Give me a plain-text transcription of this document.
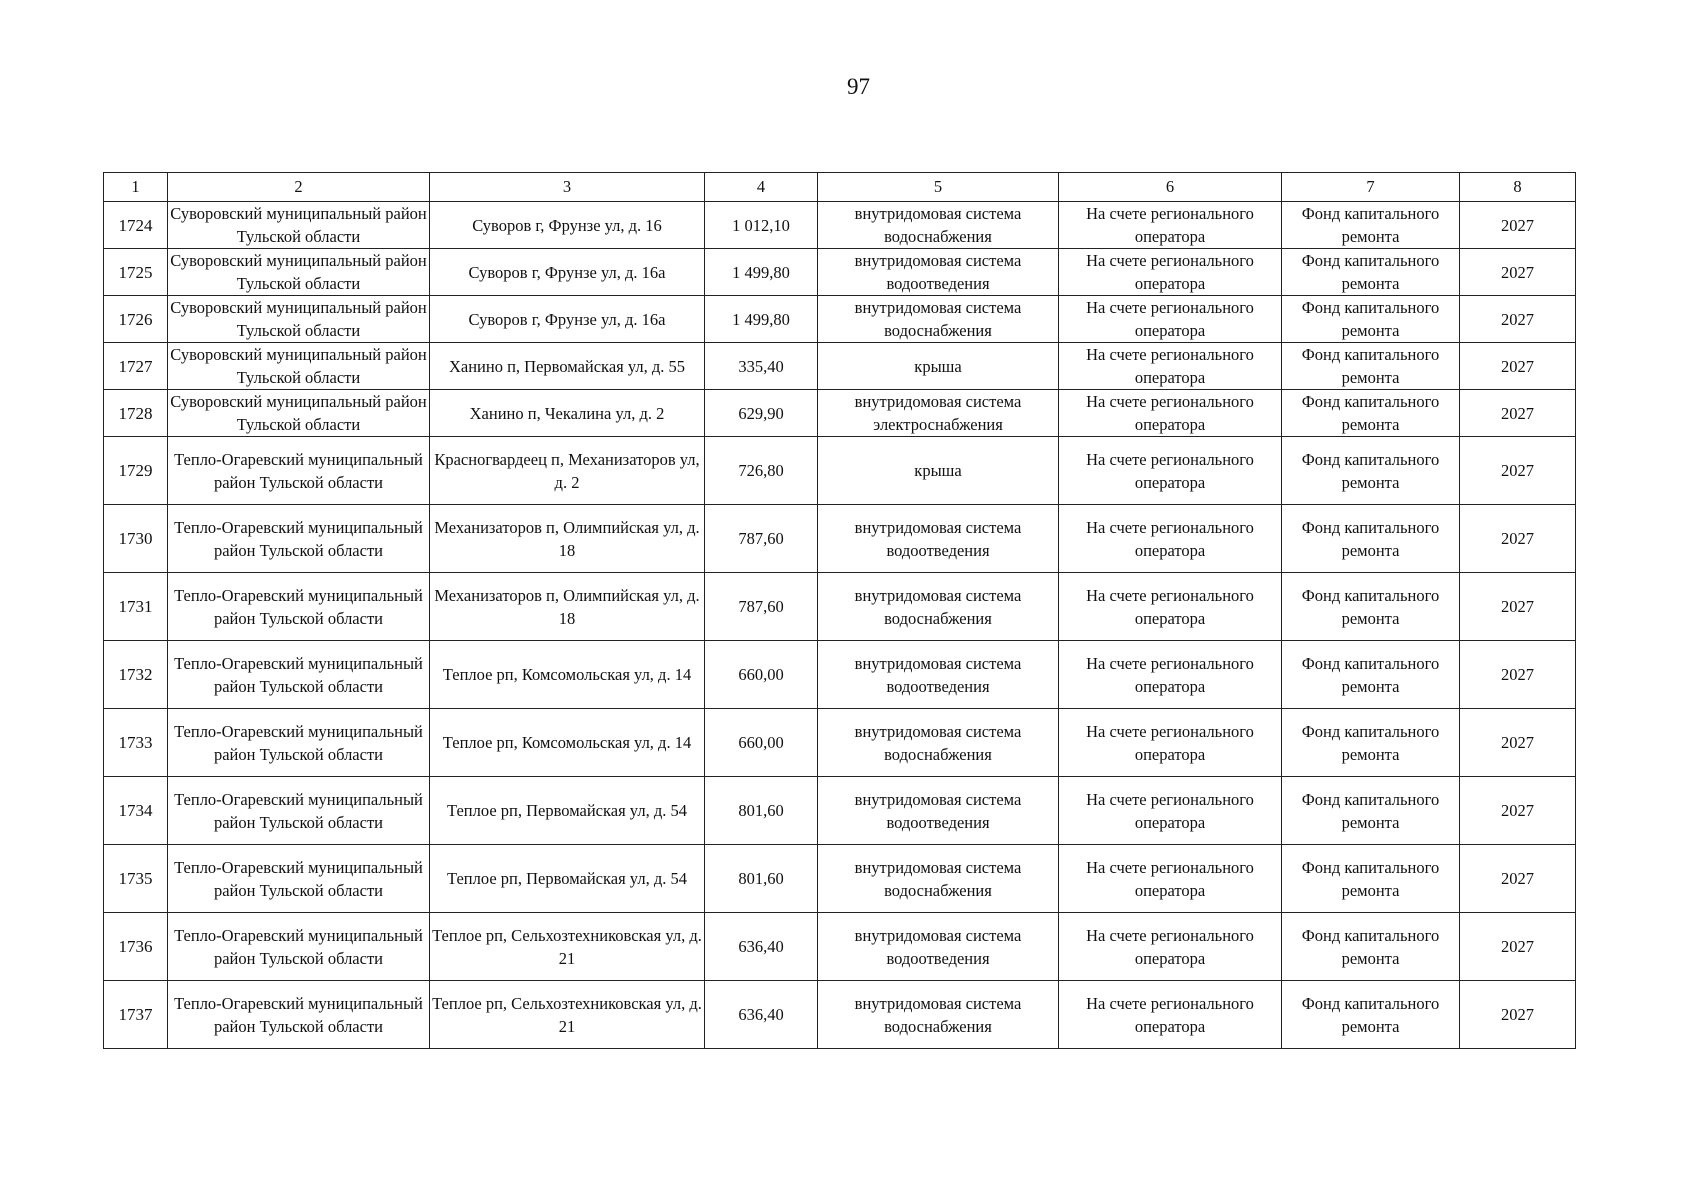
97
1	2	3	4	5	6	7	8
1724	Суворовский муниципальный район Тульской области	Суворов г, Фрунзе ул, д. 16	1 012,10	внутридомовая система водоснабжения	На счете регионального оператора	Фонд капитального ремонта	2027
1725	Суворовский муниципальный район Тульской области	Суворов г, Фрунзе ул, д. 16а	1 499,80	внутридомовая система водоотведения	На счете регионального оператора	Фонд капитального ремонта	2027
1726	Суворовский муниципальный район Тульской области	Суворов г, Фрунзе ул, д. 16а	1 499,80	внутридомовая система водоснабжения	На счете регионального оператора	Фонд капитального ремонта	2027
1727	Суворовский муниципальный район Тульской области	Ханино п, Первомайская ул, д. 55	335,40	крыша	На счете регионального оператора	Фонд капитального ремонта	2027
1728	Суворовский муниципальный район Тульской области	Ханино п, Чекалина ул, д. 2	629,90	внутридомовая система электроснабжения	На счете регионального оператора	Фонд капитального ремонта	2027
1729	Тепло-Огаревский муниципальный район Тульской области	Красногвардеец п, Механизаторов ул, д. 2	726,80	крыша	На счете регионального оператора	Фонд капитального ремонта	2027
1730	Тепло-Огаревский муниципальный район Тульской области	Механизаторов п, Олимпийская ул, д. 18	787,60	внутридомовая система водоотведения	На счете регионального оператора	Фонд капитального ремонта	2027
1731	Тепло-Огаревский муниципальный район Тульской области	Механизаторов п, Олимпийская ул, д. 18	787,60	внутридомовая система водоснабжения	На счете регионального оператора	Фонд капитального ремонта	2027
1732	Тепло-Огаревский муниципальный район Тульской области	Теплое рп, Комсомольская ул, д. 14	660,00	внутридомовая система водоотведения	На счете регионального оператора	Фонд капитального ремонта	2027
1733	Тепло-Огаревский муниципальный район Тульской области	Теплое рп, Комсомольская ул, д. 14	660,00	внутридомовая система водоснабжения	На счете регионального оператора	Фонд капитального ремонта	2027
1734	Тепло-Огаревский муниципальный район Тульской области	Теплое рп, Первомайская ул, д. 54	801,60	внутридомовая система водоотведения	На счете регионального оператора	Фонд капитального ремонта	2027
1735	Тепло-Огаревский муниципальный район Тульской области	Теплое рп, Первомайская ул, д. 54	801,60	внутридомовая система водоснабжения	На счете регионального оператора	Фонд капитального ремонта	2027
1736	Тепло-Огаревский муниципальный район Тульской области	Теплое рп, Сельхозтехниковская ул, д. 21	636,40	внутридомовая система водоотведения	На счете регионального оператора	Фонд капитального ремонта	2027
1737	Тепло-Огаревский муниципальный район Тульской области	Теплое рп, Сельхозтехниковская ул, д. 21	636,40	внутридомовая система водоснабжения	На счете регионального оператора	Фонд капитального ремонта	2027
